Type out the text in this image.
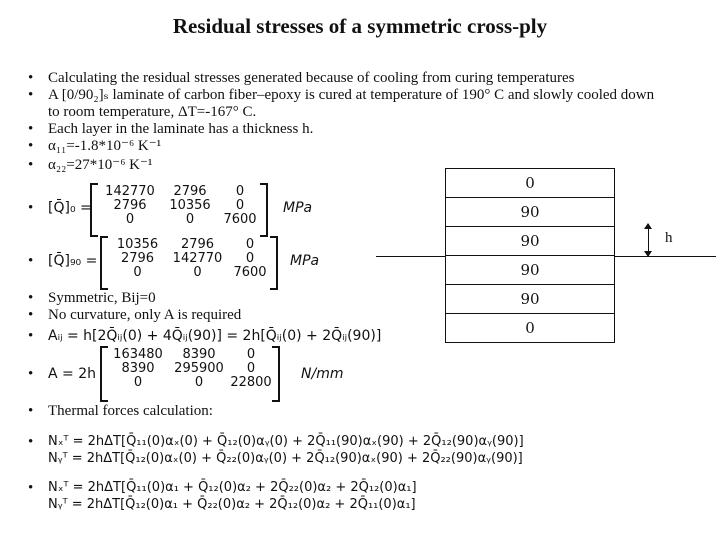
Residual stresses of a symmetric cross-ply
• Calculating the residual stresses generated because of cooling from curing temperatures
• A [0/90₂]ₛ laminate of carbon fiber–epoxy is cured at temperature of 190° C and slowly cooled down
to room temperature, ΔT=-167° C.
• Each layer in the laminate has a thickness h.
• α₁₁=-1.8*10⁻⁶ K⁻¹
• α₂₂=27*10⁻⁶ K⁻¹
• [Q̄]₀ =	MPa
• [Q̄]₉₀ =	MPa
• Symmetric, Bij=0
• No curvature, only A is required
• Aᵢⱼ = h[2Q̄ᵢⱼ(0) + 4Q̄ᵢⱼ(90)] = 2h[Q̄ᵢⱼ(0) + 2Q̄ᵢⱼ(90)]
• A = 2h	N/mm
• Thermal forces calculation:
• Nₓᵀ = 2hΔT[Q̄₁₁(0)αₓ(0) + Q̄₁₂(0)αᵧ(0) + 2Q̄₁₁(90)αₓ(90) + 2Q̄₁₂(90)αᵧ(90)]
Nᵧᵀ = 2hΔT[Q̄₁₂(0)αₓ(0) + Q̄₂₂(0)αᵧ(0) + 2Q̄₁₂(90)αₓ(90) + 2Q̄₂₂(90)αᵧ(90)]
• Nₓᵀ = 2hΔT[Q̄₁₁(0)α₁ + Q̄₁₂(0)α₂ + 2Q̄₂₂(0)α₂ + 2Q̄₁₂(0)α₁]
Nᵧᵀ = 2hΔT[Q̄₁₂(0)α₁ + Q̄₂₂(0)α₂ + 2Q̄₁₂(0)α₂ + 2Q̄₁₁(0)α₁]
142770	2796	0
2796	10356	0
0	0	7600
10356	2796	0
2796	142770	0
0	0	7600
163480	8390	0
8390	295900	0
0	0	22800
0
90
90
90
90
0
h
